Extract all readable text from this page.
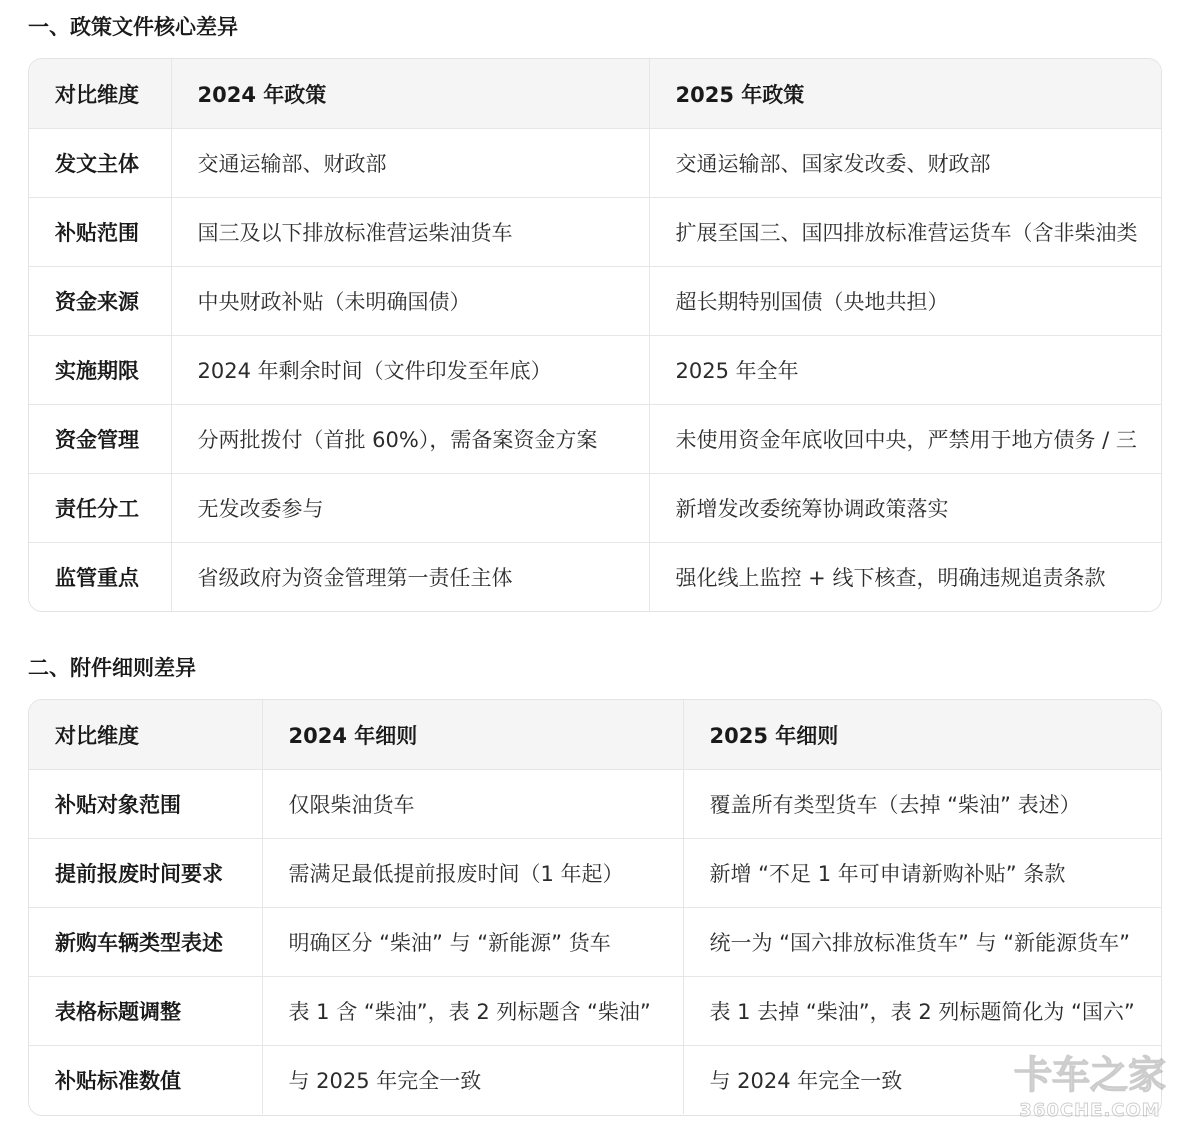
一、政策文件核心差异
对比维度	2024 年政策	2025 年政策
发文主体	交通运输部、财政部	交通运输部、国家发改委、财政部
补贴范围	国三及以下排放标准营运柴油货车	扩展至国三、国四排放标准营运货车（含非柴油类
资金来源	中央财政补贴（未明确国债）	超长期特别国债（央地共担）
实施期限	2024 年剩余时间（文件印发至年底）	2025 年全年
资金管理	分两批拨付（首批 60%），需备案资金方案	未使用资金年底收回中央，严禁用于地方债务 / 三
责任分工	无发改委参与	新增发改委统筹协调政策落实
监管重点	省级政府为资金管理第一责任主体	强化线上监控 + 线下核查，明确违规追责条款
二、附件细则差异
对比维度	2024 年细则	2025 年细则
补贴对象范围	仅限柴油货车	覆盖所有类型货车（去掉 “柴油” 表述）
提前报废时间要求	需满足最低提前报废时间（1 年起）	新增 “不足 1 年可申请新购补贴” 条款
新购车辆类型表述	明确区分 “柴油” 与 “新能源” 货车	统一为 “国六排放标准货车” 与 “新能源货车”
表格标题调整	表 1 含 “柴油”，表 2 列标题含 “柴油”	表 1 去掉 “柴油”，表 2 列标题简化为 “国六”
补贴标准数值	与 2025 年完全一致	与 2024 年完全一致	卡车之家
360CHE.COM
